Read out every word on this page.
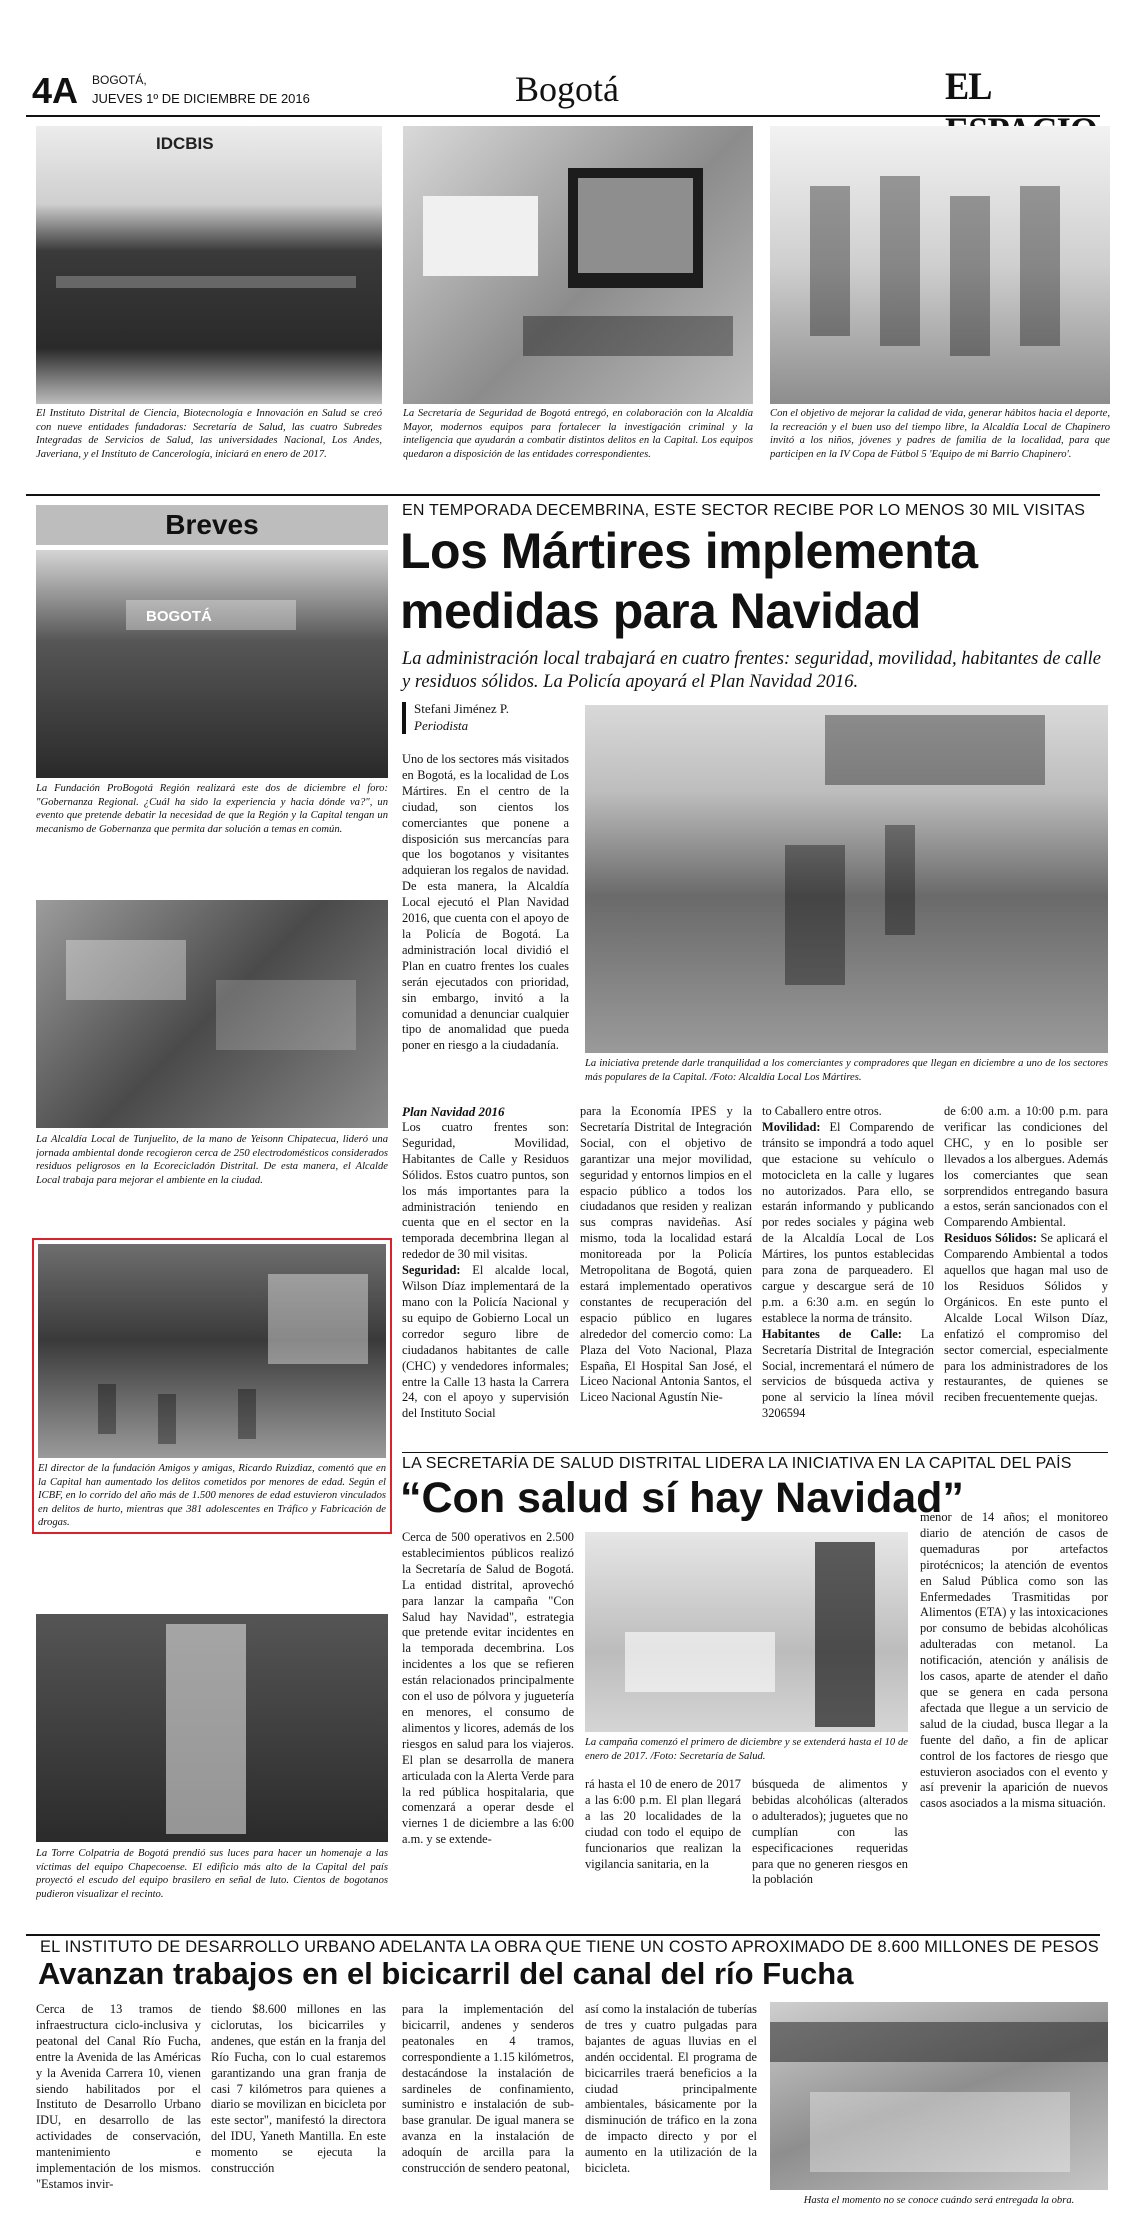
4A BOGOTÁ,
JUEVES 1º DE DICIEMBRE DE 2016	Bogotá	EL
IDCBIS
El Instituto Distrital de Ciencia, Biotecnología e Innovación en Salud se creó con nueve entidades fundadoras: Secretaría de Salud, las cuatro Subredes Integradas de Servicios de Salud, las universidades Nacional, Los Andes, Javeriana, y el Instituto de Cancerología, iniciará en enero de 2017.
La Secretaría de Seguridad de Bogotá entregó, en colaboración con la Alcaldía Mayor, modernos equipos para fortalecer la investigación criminal y la inteligencia que ayudarán a combatir distintos delitos en la Capital. Los equipos quedaron a disposición de las entidades correspondientes.
Con el objetivo de mejorar la calidad de vida, generar hábitos hacia el deporte, la recreación y el buen uso del tiempo libre, la Alcaldía Local de Chapinero invitó a los niños, jóvenes y padres de familia de la localidad, para que participen en la IV Copa de Fútbol 5 'Equipo de mi Barrio Chapinero'.
Breves
BOGOTÁ
La Fundación ProBogotá Región realizará este dos de diciembre el foro: "Gobernanza Regional. ¿Cuál ha sido la experiencia y hacia dónde va?", un evento que pretende debatir la necesidad de que la Región y la Capital tengan un mecanismo de Gobernanza que permita dar solución a temas en común.
La Alcaldía Local de Tunjuelito, de la mano de Yeisonn Chipatecua, lideró una jornada ambiental donde recogieron cerca de 250 electrodomésticos considerados residuos peligrosos en la Ecorecicladón Distrital. De esta manera, el Alcalde Local trabaja para mejorar el ambiente en la ciudad.
El director de la fundación Amigos y amigas, Ricardo Ruizdiaz, comentó que en la Capital han aumentado los delitos cometidos por menores de edad. Según el ICBF, en lo corrido del año más de 1.500 menores de edad estuvieron vinculados en delitos de hurto, mientras que 381 adolescentes en Tráfico y Fabricación de drogas.
La Torre Colpatria de Bogotá prendió sus luces para hacer un homenaje a las víctimas del equipo Chapecoense. El edificio más alto de la Capital del país proyectó el escudo del equipo brasilero en señal de luto. Cientos de bogotanos pudieron visualizar el recinto.
EN TEMPORADA DECEMBRINA, ESTE SECTOR RECIBE POR LO MENOS 30 MIL VISITAS
Los Mártires implementa
medidas para Navidad
La administración local trabajará en cuatro frentes: seguridad, movilidad, habitantes de calle y residuos sólidos. La Policía apoyará el Plan Navidad 2016.
Stefani Jiménez P.
Periodista
Uno de los sectores más visitados en Bogotá, es la localidad de Los Mártires. En el centro de la ciudad, son cientos los comerciantes que ponene a disposición sus mercancías para que los bogotanos y visitantes adquieran los regalos de navidad. De esta manera, la Alcaldía Local ejecutó el Plan Navidad 2016, que cuenta con el apoyo de la Policía de Bogotá. La administración local dividió el Plan en cuatro frentes los cuales serán ejecutados con prioridad, sin embargo, invitó a la comunidad a denunciar cualquier tipo de anomalidad que pueda poner en riesgo a la ciudadanía.
La iniciativa pretende darle tranquilidad a los comerciantes y compradores que llegan en diciembre a uno de los sectores más populares de la Capital. /Foto: Alcaldía Local Los Mártires.
Plan Navidad 2016
Los cuatro frentes son: Seguridad, Movilidad, Habitantes de Calle y Residuos Sólidos. Estos cuatro puntos, son los más importantes para la administración teniendo en cuenta que en el sector en la temporada decembrina llegan al rededor de 30 mil visitas.
Seguridad: El alcalde local, Wilson Díaz implementará de la mano con la Policía Nacional y su equipo de Gobierno Local un corredor seguro libre de ciudadanos habitantes de calle (CHC) y vendedores informales; entre la Calle 13 hasta la Carrera 24, con el apoyo y supervisión del Instituto Social
para la Economía IPES y la Secretaría Distrital de Integración Social, con el objetivo de garantizar una mejor movilidad, seguridad y entornos limpios en el espacio público a todos los ciudadanos que residen y realizan sus compras navideñas. Así mismo, toda la localidad estará monitoreada por la Policía Metropolitana de Bogotá, quien estará implementado operativos constantes de recuperación del espacio público en lugares alrededor del comercio como: La Plaza del Voto Nacional, Plaza España, El Hospital San José, el Liceo Nacional Antonia Santos, el Liceo Nacional Agustín Nie-
to Caballero entre otros.
Movilidad: El Comparendo de tránsito se impondrá a todo aquel que estacione su vehículo o motocicleta en la calle y lugares no autorizados. Para ello, se estarán informando y publicando por redes sociales y página web de la Alcaldía Local de Los Mártires, los puntos establecidas para zona de parqueadero. El cargue y descargue será de 10 p.m. a 6:30 a.m. en según lo establece la norma de tránsito.
Habitantes de Calle: La Secretaría Distrital de Integración Social, incrementará el número de servicios de búsqueda activa y pone al servicio la línea móvil 3206594
de 6:00 a.m. a 10:00 p.m. para verificar las condiciones del CHC, y en lo posible ser llevados a los albergues. Además los comerciantes que sean sorprendidos entregando basura a estos, serán sancionados con el Comparendo Ambiental.
Residuos Sólidos: Se aplicará el Comparendo Ambiental a todos aquellos que hagan mal uso de los Residuos Sólidos y Orgánicos. En este punto el Alcalde Local Wilson Díaz, enfatizó el compromiso del sector comercial, especialmente para los administradores de los restaurantes, de quienes se reciben frecuentemente quejas.
LA SECRETARÍA DE SALUD DISTRITAL LIDERA LA INICIATIVA EN LA CAPITAL DEL PAÍS
“Con salud sí hay Navidad”
Cerca de 500 operativos en 2.500 establecimientos públicos realizó la Secretaría de Salud de Bogotá. La entidad distrital, aprovechó para lanzar la campaña "Con Salud hay Navidad", estrategia que pretende evitar incidentes en la temporada decembrina. Los incidentes a los que se refieren están relacionados principalmente con el uso de pólvora y juguetería en menores, el consumo de alimentos y licores, además de los riesgos en salud para los viajeros. El plan se desarrolla de manera articulada con la Alerta Verde para la red pública hospitalaria, que comenzará a operar desde el viernes 1 de diciembre a las 6:00 a.m. y se extende-
La campaña comenzó el primero de diciembre y se extenderá hasta el 10 de enero de 2017. /Foto: Secretaría de Salud.
rá hasta el 10 de enero de 2017 a las 6:00 p.m. El plan llegará a las 20 localidades de la ciudad con todo el equipo de funcionarios que realizan la vigilancia sanitaria, en la
búsqueda de alimentos y bebidas alcohólicas (alterados o adulterados); juguetes que no cumplían con las especificaciones requeridas para que no generen riesgos en la población
menor de 14 años; el monitoreo diario de atención de casos de quemaduras por artefactos pirotécnicos; la atención de eventos en Salud Pública como son las Enfermedades Trasmitidas por Alimentos (ETA) y las intoxicaciones por consumo de bebidas alcohólicas adulteradas con metanol. La notificación, atención y análisis de los casos, aparte de atender el daño que se genera en cada persona afectada que llegue a un servicio de salud de la ciudad, busca llegar a la fuente del daño, a fin de aplicar control de los factores de riesgo que estuvieron asociados con el evento y así prevenir la aparición de nuevos casos asociados a la misma situación.
EL INSTITUTO DE DESARROLLO URBANO ADELANTA LA OBRA QUE TIENE UN COSTO APROXIMADO DE 8.600 MILLONES DE PESOS
Avanzan trabajos en el bicicarril del canal del río Fucha
Cerca de 13 tramos de infraestructura ciclo-inclusiva y peatonal del Canal Río Fucha, entre la Avenida de las Américas y la Avenida Carrera 10, vienen siendo habilitados por el Instituto de Desarrollo Urbano IDU, en desarrollo de las actividades de conservación, mantenimiento e implementación de los mismos. "Estamos invir-
tiendo $8.600 millones en las ciclorutas, los bicicarriles y andenes, que están en la franja del Río Fucha, con lo cual estaremos garantizando una gran franja de casi 7 kilómetros para quienes a diario se movilizan en bicicleta por este sector", manifestó la directora del IDU, Yaneth Mantilla. En este momento se ejecuta la construcción
para la implementación del bicicarril, andenes y senderos peatonales en 4 tramos, correspondiente a 1.15 kilómetros, destacándose la instalación de sardineles de confinamiento, suministro e instalación de sub-base granular. De igual manera se avanza en la instalación de adoquín de arcilla para la construcción de sendero peatonal,
así como la instalación de tuberías de tres y cuatro pulgadas para bajantes de aguas lluvias en el andén occidental. El programa de bicicarriles traerá beneficios a la ciudad principalmente ambientales, básicamente por la disminución de tráfico en la zona de impacto directo y por el aumento en la utilización de la bicicleta.
Hasta el momento no se conoce cuándo será entregada la obra.
